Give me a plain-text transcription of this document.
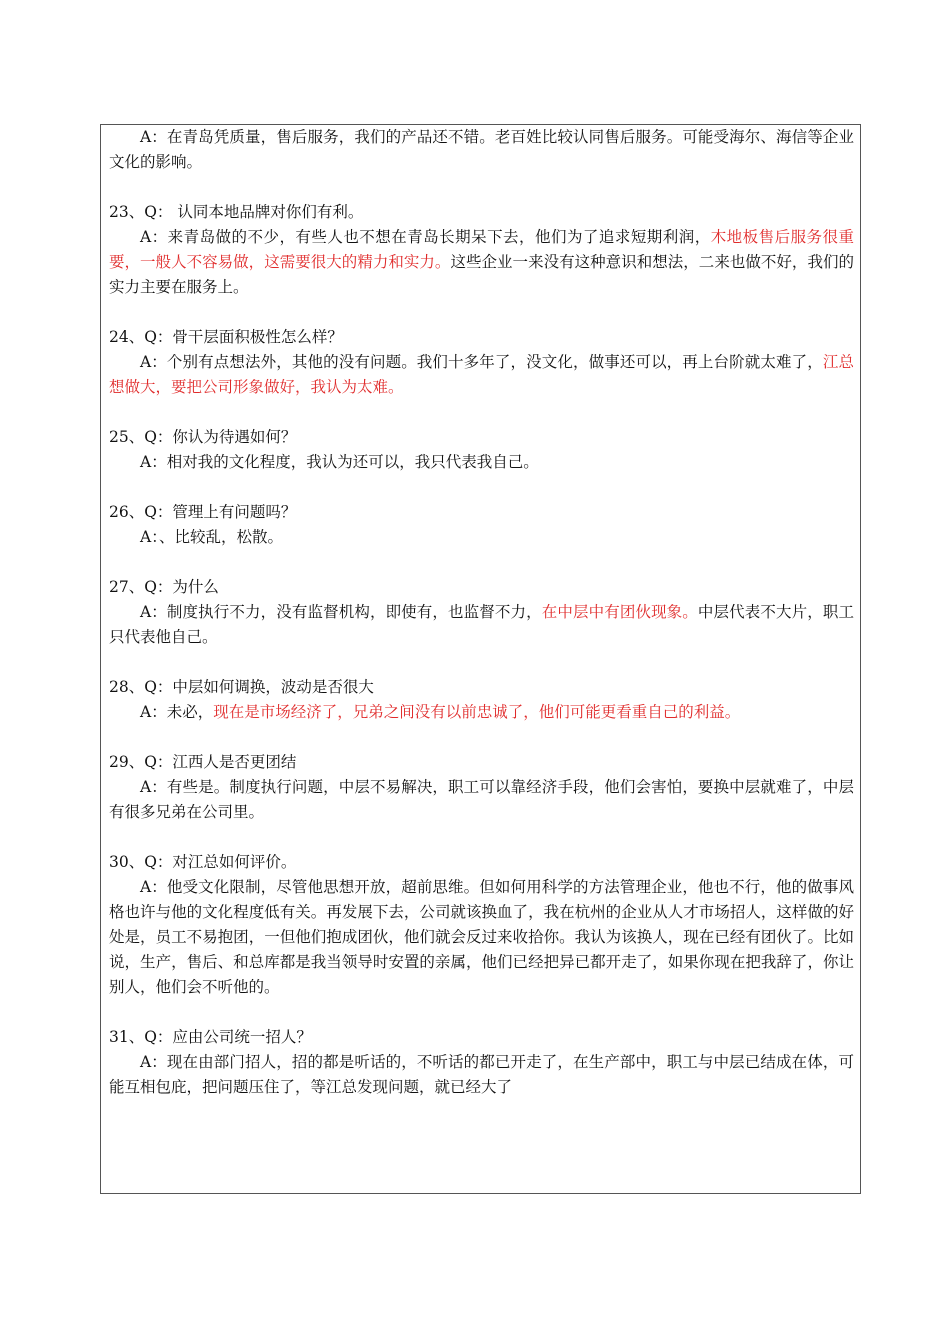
A：在青岛凭质量，售后服务，我们的产品还不错。老百姓比较认同售后服务。可能受海尔、海信等企业文化的影响。

23、Q： 认同本地品牌对你们有利。

A：来青岛做的不少，有些人也不想在青岛长期呆下去，他们为了追求短期利润，木地板售后服务很重要，一般人不容易做，这需要很大的精力和实力。这些企业一来没有这种意识和想法，二来也做不好，我们的实力主要在服务上。

24、Q：骨干层面积极性怎么样？

A：个别有点想法外，其他的没有问题。我们十多年了，没文化，做事还可以，再上台阶就太难了，江总想做大，要把公司形象做好，我认为太难。

25、Q：你认为待遇如何？

A：相对我的文化程度，我认为还可以，我只代表我自己。

26、Q：管理上有问题吗？

A：、比较乱，松散。

27、Q：为什么

A：制度执行不力，没有监督机构，即使有，也监督不力，在中层中有团伙现象。中层代表不大片，职工只代表他自己。

28、Q：中层如何调换，波动是否很大

A：未必，现在是市场经济了，兄弟之间没有以前忠诚了，他们可能更看重自己的利益。

29、Q：江西人是否更团结

A：有些是。制度执行问题，中层不易解决，职工可以靠经济手段，他们会害怕，要换中层就难了，中层有很多兄弟在公司里。

30、Q：对江总如何评价。

A：他受文化限制，尽管他思想开放，超前思维。但如何用科学的方法管理企业，他也不行，他的做事风格也许与他的文化程度低有关。再发展下去，公司就该换血了，我在杭州的企业从人才市场招人，这样做的好处是，员工不易抱团，一但他们抱成团伙，他们就会反过来收拾你。我认为该换人，现在已经有团伙了。比如说，生产，售后、和总库都是我当领导时安置的亲属，他们已经把异已都开走了，如果你现在把我辞了，你让别人，他们会不听他的。

31、Q：应由公司统一招人？

A：现在由部门招人，招的都是听话的，不听话的都已开走了，在生产部中，职工与中层已结成在体，可能互相包庇，把问题压住了，等江总发现问题，就已经大了
